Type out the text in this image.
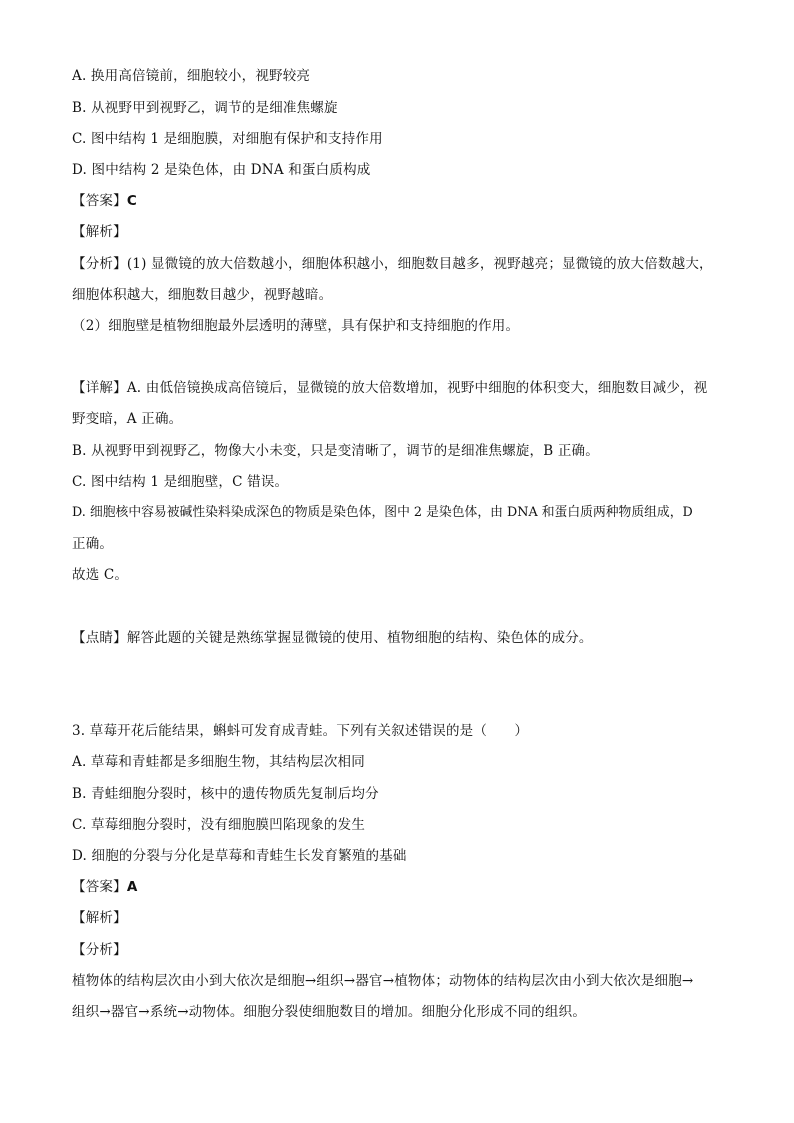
A. 换用高倍镜前，细胞较小，视野较亮
B. 从视野甲到视野乙，调节的是细准焦螺旋
C. 图中结构 1 是细胞膜，对细胞有保护和支持作用
D. 图中结构 2 是染色体，由 DNA 和蛋白质构成
【答案】C
【解析】
【分析】(1) 显微镜的放大倍数越小，细胞体积越小，细胞数目越多，视野越亮；显微镜的放大倍数越大，
细胞体积越大，细胞数目越少，视野越暗。
（2）细胞壁是植物细胞最外层透明的薄壁，具有保护和支持细胞的作用。
【详解】A. 由低倍镜换成高倍镜后，显微镜的放大倍数增加，视野中细胞的体积变大，细胞数目减少，视
野变暗，A 正确。
B. 从视野甲到视野乙，物像大小未变，只是变清晰了，调节的是细准焦螺旋，B 正确。
C. 图中结构 1 是细胞壁，C 错误。
D. 细胞核中容易被碱性染料染成深色的物质是染色体，图中 2 是染色体，由 DNA 和蛋白质两种物质组成，D
正确。
故选 C。
【点睛】解答此题的关键是熟练掌握显微镜的使用、植物细胞的结构、染色体的成分。
3. 草莓开花后能结果，蝌蚪可发育成青蛙。下列有关叙述错误的是（　　）
A. 草莓和青蛙都是多细胞生物，其结构层次相同
B. 青蛙细胞分裂时，核中的遗传物质先复制后均分
C. 草莓细胞分裂时，没有细胞膜凹陷现象的发生
D. 细胞的分裂与分化是草莓和青蛙生长发育繁殖的基础
【答案】A
【解析】
【分析】
植物体的结构层次由小到大依次是细胞→组织→器官→植物体；动物体的结构层次由小到大依次是细胞→
组织→器官→系统→动物体。细胞分裂使细胞数目的增加。细胞分化形成不同的组织。
